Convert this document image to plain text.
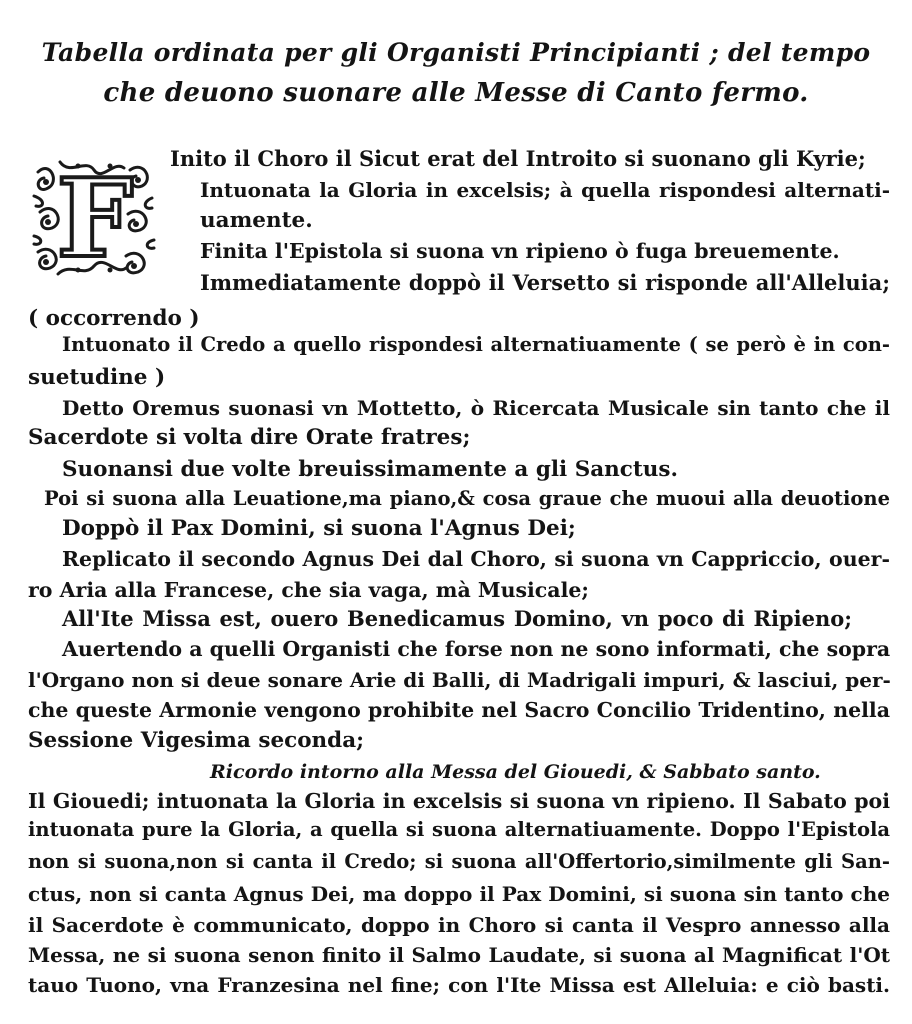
Tabella ordinata per gli Organisti Principianti ; del tempo
che deuono suonare alle Messe di Canto fermo.
F Inito il Choro il Sicut erat del Introito si suonano gli Kyrie;
Intuonata la Gloria in excelsis; à quella rispondesi alternati-
uamente.
Finita l'Epistola si suona vn ripieno ò fuga breuemente.
Immediatamente doppò il Versetto si risponde all'Alleluia;
( occorrendo )
Intuonato il Credo a quello rispondesi alternatiuamente ( se però è in con-
suetudine )
Detto Oremus suonasi vn Mottetto, ò Ricercata Musicale sin tanto che il
Sacerdote si volta dire Orate fratres;
Suonansi due volte breuissimamente a gli Sanctus.
Poi si suona alla Leuatione,ma piano,& cosa graue che muoui alla deuotione
Doppò il Pax Domini, si suona l'Agnus Dei;
Replicato il secondo Agnus Dei dal Choro, si suona vn Cappriccio, ouer-
ro Aria alla Francese, che sia vaga, mà Musicale;
All'Ite Missa est, ouero Benedicamus Domino, vn poco di Ripieno;
Auertendo a quelli Organisti che forse non ne sono informati, che sopra
l'Organo non si deue sonare Arie di Balli, di Madrigali impuri, & lasciui, per-
che queste Armonie vengono prohibite nel Sacro Concilio Tridentino, nella
Sessione Vigesima seconda;
Ricordo intorno alla Messa del Giouedi, & Sabbato santo.
Il Giouedi; intuonata la Gloria in excelsis si suona vn ripieno. Il Sabato poi
intuonata pure la Gloria, a quella si suona alternatiuamente. Doppo l'Epistola
non si suona,non si canta il Credo; si suona all'Offertorio,similmente gli San-
ctus, non si canta Agnus Dei, ma doppo il Pax Domini, si suona sin tanto che
il Sacerdote è communicato, doppo in Choro si canta il Vespro annesso alla
Messa, ne si suona senon finito il Salmo Laudate, si suona al Magnificat l'Ot
tauo Tuono, vna Franzesina nel fine; con l'Ite Missa est Alleluia: e ciò basti.
